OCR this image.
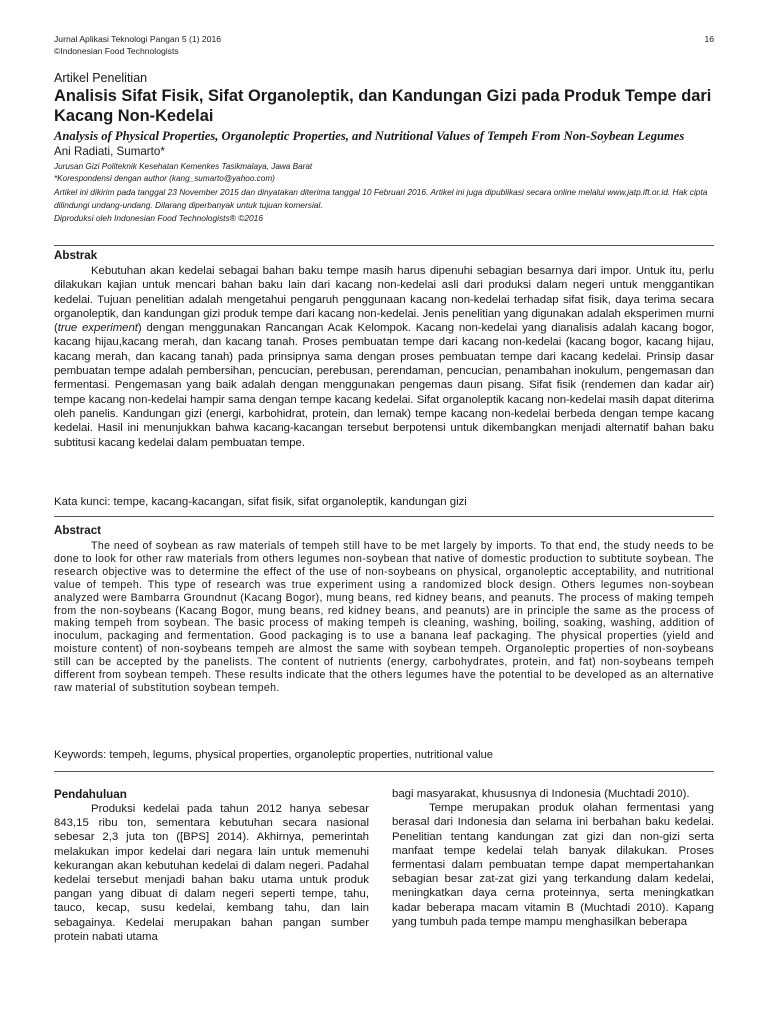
Jurnal Aplikasi Teknologi Pangan 5 (1) 2016
©Indonesian Food Technologists
16
Artikel Penelitian
Analisis Sifat Fisik, Sifat Organoleptik, dan Kandungan Gizi pada Produk Tempe dari Kacang Non-Kedelai
Analysis of Physical Properties, Organoleptic Properties, and Nutritional Values of Tempeh From Non-Soybean Legumes
Ani Radiati, Sumarto*
Jurusan Gizi Politeknik Kesehatan Kemenkes Tasikmalaya, Jawa Barat
*Korespondensi dengan author (kang_sumarto@yahoo.com)
Artikel ini dikirim pada tanggal 23 November 2015 dan dinyatakan diterima tanggal 10 Februari 2016. Artikel ini juga dipublikasi secara online melalui www.jatp.ift.or.id. Hak cipta dilindungi undang-undang. Dilarang diperbanyak untuk tujuan komersial.
Diproduksi oleh Indonesian Food Technologists® ©2016
Abstrak

Kebutuhan akan kedelai sebagai bahan baku tempe masih harus dipenuhi sebagian besarnya dari impor. Untuk itu, perlu dilakukan kajian untuk mencari bahan baku lain dari kacang non-kedelai asli dari produksi dalam negeri untuk menggantikan kedelai. Tujuan penelitian adalah mengetahui pengaruh penggunaan kacang non-kedelai terhadap sifat fisik, daya terima secara organoleptik, dan kandungan gizi produk tempe dari kacang non-kedelai. Jenis penelitian yang digunakan adalah eksperimen murni (true experiment) dengan menggunakan Rancangan Acak Kelompok. Kacang non-kedelai yang dianalisis adalah kacang bogor, kacang hijau,kacang merah, dan kacang tanah. Proses pembuatan tempe dari kacang non-kedelai (kacang bogor, kacang hijau, kacang merah, dan kacang tanah) pada prinsipnya sama dengan proses pembuatan tempe dari kacang kedelai. Prinsip dasar pembuatan tempe adalah pembersihan, pencucian, perebusan, perendaman, pencucian, penambahan inokulum, pengemasan dan fermentasi. Pengemasan yang baik adalah dengan menggunakan pengemas daun pisang. Sifat fisik (rendemen dan kadar air) tempe kacang non-kedelai hampir sama dengan tempe kacang kedelai. Sifat organoleptik kacang non-kedelai masih dapat diterima oleh panelis. Kandungan gizi (energi, karbohidrat, protein, dan lemak) tempe kacang non-kedelai berbeda dengan tempe kacang kedelai. Hasil ini menunjukkan bahwa kacang-kacangan tersebut berpotensi untuk dikembangkan menjadi alternatif bahan baku subtitusi kacang kedelai dalam pembuatan tempe.

Kata kunci: tempe, kacang-kacangan, sifat fisik, sifat organoleptik, kandungan gizi
Abstract

The need of soybean as raw materials of tempeh still have to be met largely by imports. To that end, the study needs to be done to look for other raw materials from others legumes non-soybean that native of domestic production to subtitute soybean. The research objective was to determine the effect of the use of non-soybeans on physical, organoleptic acceptability, and nutritional value of tempeh. This type of research was true experiment using a randomized block design. Others legumes non-soybean analyzed were Bambarra Groundnut (Kacang Bogor), mung beans, red kidney beans, and peanuts. The process of making tempeh from the non-soybeans (Kacang Bogor, mung beans, red kidney beans, and peanuts) are in principle the same as the process of making tempeh from soybean. The basic process of making tempeh is cleaning, washing, boiling, soaking, washing, addition of inoculum, packaging and fermentation. Good packaging is to use a banana leaf packaging. The physical properties (yield and moisture content) of non-soybeans tempeh are almost the same with soybean tempeh. Organoleptic properties of non-soybeans still can be accepted by the panelists. The content of nutrients (energy, carbohydrates, protein, and fat) non-soybeans tempeh different from soybean tempeh. These results indicate that the others legumes have the potential to be developed as an alternative raw material of substitution soybean tempeh.

Keywords: tempeh, legums, physical properties, organoleptic properties, nutritional value
Pendahuluan

Produksi kedelai pada tahun 2012 hanya sebesar 843,15 ribu ton, sementara kebutuhan secara nasional sebesar 2,3 juta ton ([BPS] 2014). Akhirnya, pemerintah melakukan impor kedelai dari negara lain untuk memenuhi kekurangan akan kebutuhan kedelai di dalam negeri. Padahal kedelai tersebut menjadi bahan baku utama untuk produk pangan yang dibuat di dalam negeri seperti tempe, tahu, tauco, kecap, susu kedelai, kembang tahu, dan lain sebagainya. Kedelai merupakan bahan pangan sumber protein nabati utama

bagi masyarakat, khususnya di Indonesia (Muchtadi 2010).

Tempe merupakan produk olahan fermentasi yang berasal dari Indonesia dan selama ini berbahan baku kedelai. Penelitian tentang kandungan zat gizi dan non-gizi serta manfaat tempe kedelai telah banyak dilakukan. Proses fermentasi dalam pembuatan tempe dapat mempertahankan sebagian besar zat-zat gizi yang terkandung dalam kedelai, meningkatkan daya cerna proteinnya, serta meningkatkan kadar beberapa macam vitamin B (Muchtadi 2010). Kapang yang tumbuh pada tempe mampu menghasilkan beberapa
